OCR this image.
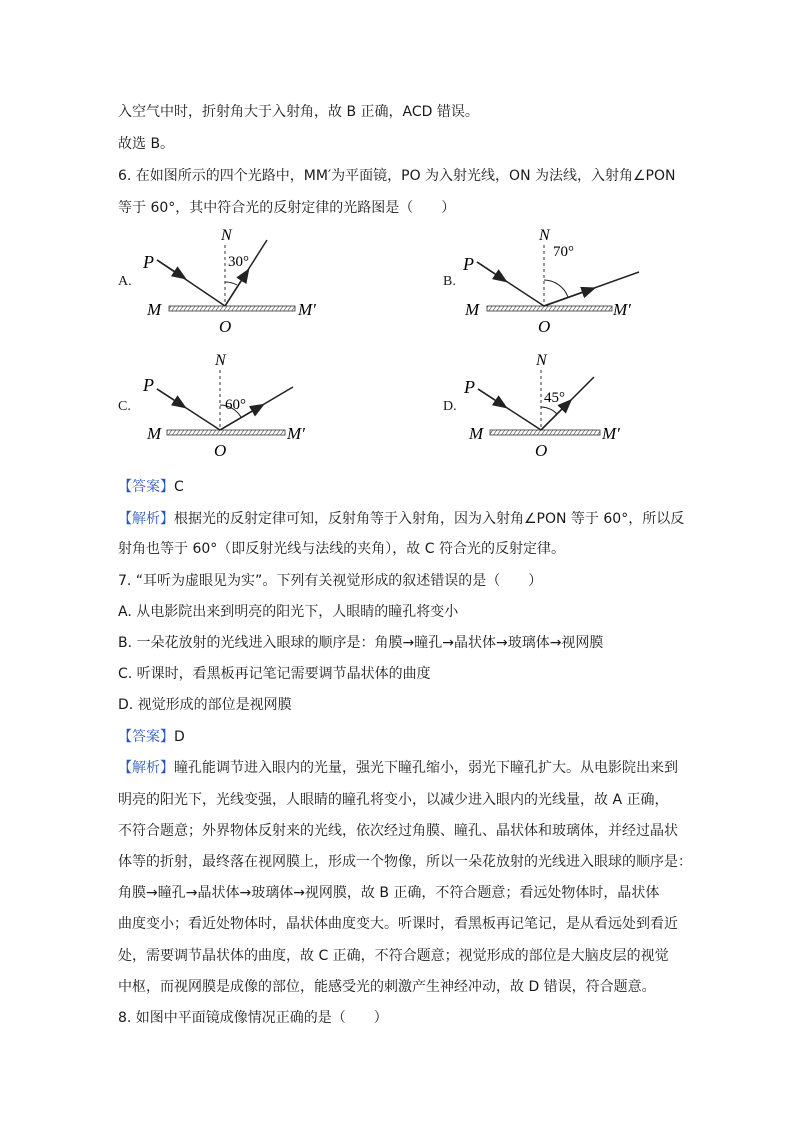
入空气中时，折射角大于入射角，故 B 正确，ACD 错误。
故选 B。
6. 在如图所示的四个光路中，MM′为平面镜，PO 为入射光线，ON 为法线，入射角∠PON
等于 60°，其中符合光的反射定律的光路图是（　　）
A.
P
N
30°
M
O
M′
B.
P
N
70°
M
O
M′
C.
P
N
60°
M
O
M′
D.
P
N
45°
M
O
M′
【答案】C
【解析】根据光的反射定律可知，反射角等于入射角，因为入射角∠PON 等于 60°，所以反
射角也等于 60°（即反射光线与法线的夹角），故 C 符合光的反射定律。
7. “耳听为虚眼见为实”。下列有关视觉形成的叙述错误的是（　　）
A. 从电影院出来到明亮的阳光下，人眼睛的瞳孔将变小
B. 一朵花放射的光线进入眼球的顺序是：角膜→瞳孔→晶状体→玻璃体→视网膜
C. 听课时，看黑板再记笔记需要调节晶状体的曲度
D. 视觉形成的部位是视网膜
【答案】D
【解析】瞳孔能调节进入眼内的光量，强光下瞳孔缩小，弱光下瞳孔扩大。从电影院出来到
明亮的阳光下，光线变强，人眼睛的瞳孔将变小，以减少进入眼内的光线量，故 A 正确，
不符合题意；外界物体反射来的光线，依次经过角膜、瞳孔、晶状体和玻璃体，并经过晶状
体等的折射，最终落在视网膜上，形成一个物像，所以一朵花放射的光线进入眼球的顺序是：
角膜→瞳孔→晶状体→玻璃体→视网膜，故 B 正确，不符合题意；看远处物体时，晶状体
曲度变小；看近处物体时，晶状体曲度变大。听课时，看黑板再记笔记，是从看远处到看近
处，需要调节晶状体的曲度，故 C 正确，不符合题意；视觉形成的部位是大脑皮层的视觉
中枢，而视网膜是成像的部位，能感受光的刺激产生神经冲动，故 D 错误，符合题意。
8. 如图中平面镜成像情况正确的是（　　）
